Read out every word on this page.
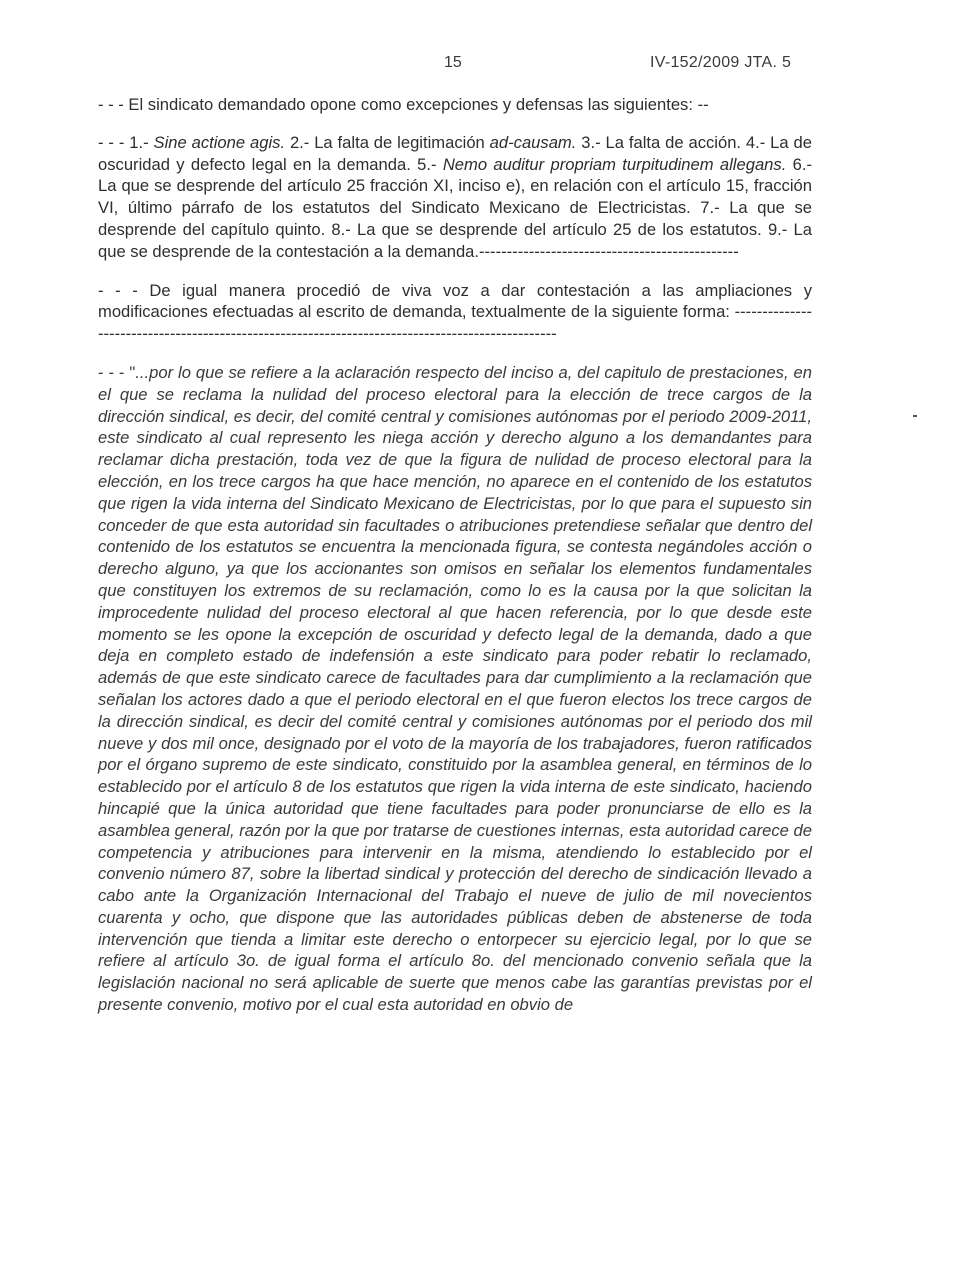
15	IV-152/2009 JTA. 5

- - - El sindicato demandado opone como excepciones y defensas las siguientes: --

- - - 1.- Sine actione agis. 2.- La falta de legitimación ad-causam. 3.- La falta de acción. 4.- La de oscuridad y defecto legal en la demanda. 5.- Nemo auditur propriam turpitudinem allegans. 6.- La que se desprende del artículo 25 fracción XI, inciso e), en relación con el artículo 15, fracción VI, último párrafo de los estatutos del Sindicato Mexicano de Electricistas. 7.- La que se desprende del capítulo quinto. 8.- La que se desprende del artículo 25 de los estatutos. 9.- La que se desprende de la contestación a la demanda.-----------------------------------------------

- - - De igual manera procedió de viva voz a dar contestación a las ampliaciones y modificaciones efectuadas al escrito de demanda, textualmente de la siguiente forma: -------------------------------------------------------------------------------------------------

- - - "...por lo que se refiere a la aclaración respecto del inciso a, del capitulo de prestaciones, en el que se reclama la nulidad del proceso electoral para la elección de trece cargos de la dirección sindical, es decir, del comité central y comisiones autónomas por el periodo 2009-2011, este sindicato al cual represento les niega acción y derecho alguno a los demandantes para reclamar dicha prestación, toda vez de que la figura de nulidad de proceso electoral para la elección, en los trece cargos ha que hace mención, no aparece en el contenido de los estatutos que rigen la vida interna del Sindicato Mexicano de Electricistas, por lo que para el supuesto sin conceder de que esta autoridad sin facultades o atribuciones pretendiese señalar que dentro del contenido de los estatutos se encuentra la mencionada figura, se contesta negándoles acción o derecho alguno, ya que los accionantes son omisos en señalar los elementos fundamentales que constituyen los extremos de su reclamación, como lo es la causa por la que solicitan la improcedente nulidad del proceso electoral al que hacen referencia, por lo que desde este momento se les opone la excepción de oscuridad y defecto legal de la demanda, dado a que deja en completo estado de indefensión a este sindicato para poder rebatir lo reclamado, además de que este sindicato carece de facultades para dar cumplimiento a la reclamación que señalan los actores dado a que el periodo electoral en el que fueron electos los trece cargos de la dirección sindical, es decir del comité central y comisiones autónomas por el periodo dos mil nueve y dos mil once, designado por el voto de la mayoría de los trabajadores, fueron ratificados por el órgano supremo de este sindicato, constituido por la asamblea general, en términos de lo establecido por el artículo 8 de los estatutos que rigen la vida interna de este sindicato, haciendo hincapié que la única autoridad que tiene facultades para poder pronunciarse de ello es la asamblea general, razón por la que por tratarse de cuestiones internas, esta autoridad carece de competencia y atribuciones para intervenir en la misma, atendiendo lo establecido por el convenio número 87, sobre la libertad sindical y protección del derecho de sindicación llevado a cabo ante la Organización Internacional del Trabajo el nueve de julio de mil novecientos cuarenta y ocho, que dispone que las autoridades públicas deben de abstenerse de toda intervención que tienda a limitar este derecho o entorpecer su ejercicio legal, por lo que se refiere al artículo 3o. de igual forma el artículo 8o. del mencionado convenio señala que la legislación nacional no será aplicable de suerte que menos cabe las garantías previstas por el presente convenio, motivo por el cual esta autoridad en obvio de
